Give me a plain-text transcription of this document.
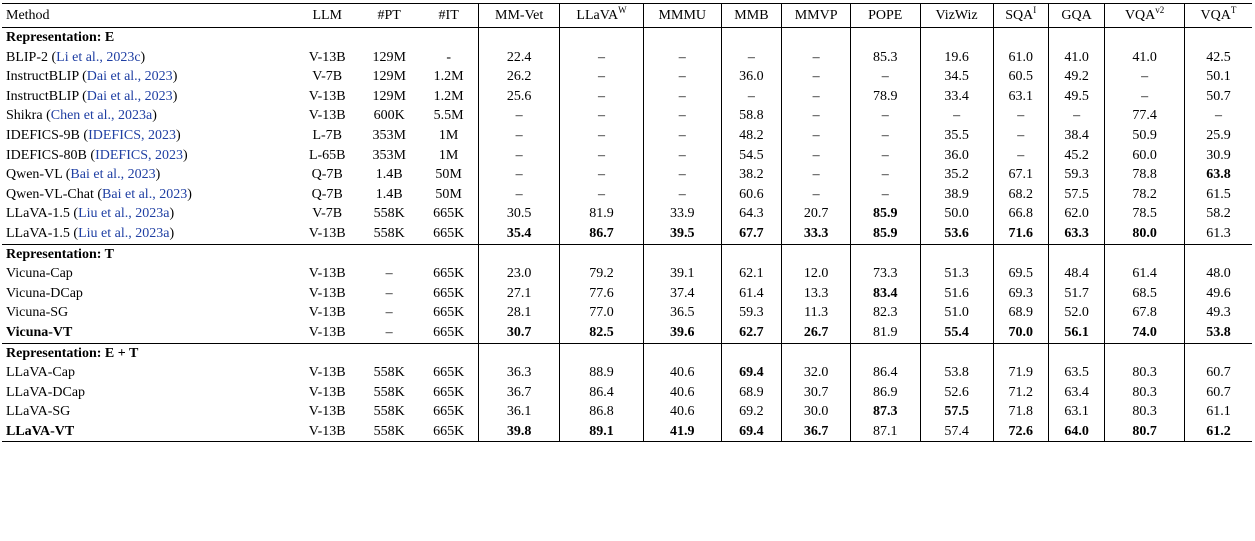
Method	LLM	#PT	#IT	MM-Vet	LLaVA$^W$	MMMU	MMB	MMVP	POPE	VizWiz	$SQA^I$	GQA	$VQA^{v2}$	$VQA^T$
Representation: E														
BLIP-2 (Li et al., 2023c)	V-13B	129M	-	22.4	–	–	–	–	85.3	19.6	61.0	41.0	41.0	42.5
InstructBLIP (Dai et al., 2023)	V-7B	129M	1.2M	26.2	–	–	36.0	–	–	34.5	60.5	49.2	–	50.1
InstructBLIP (Dai et al., 2023)	V-13B	129M	1.2M	25.6	–	–	–	–	78.9	33.4	63.1	49.5	–	50.7
Shikra (Chen et al., 2023a)	V-13B	600K	5.5M	–	–	–	58.8	–	–	–	–	–	77.4	–
IDEFICS-9B (IDEFICS, 2023)	L-7B	353M	1M	–	–	–	48.2	–	–	35.5	–	38.4	50.9	25.9
IDEFICS-80B (IDEFICS, 2023)	L-65B	353M	1M	–	–	–	54.5	–	–	36.0	–	45.2	60.0	30.9
Qwen-VL (Bai et al., 2023)	Q-7B	1.4B	50M	–	–	–	38.2	–	–	35.2	67.1	59.3	78.8	63.8
Qwen-VL-Chat (Bai et al., 2023)	Q-7B	1.4B	50M	–	–	–	60.6	–	–	38.9	68.2	57.5	78.2	61.5
LLaVA-1.5 (Liu et al., 2023a)	V-7B	558K	665K	30.5	81.9	33.9	64.3	20.7	85.9	50.0	66.8	62.0	78.5	58.2
LLaVA-1.5 (Liu et al., 2023a)	V-13B	558K	665K	35.4	86.7	39.5	67.7	33.3	85.9	53.6	71.6	63.3	80.0	61.3
Representation: T														
Vicuna-Cap	V-13B	–	665K	23.0	79.2	39.1	62.1	12.0	73.3	51.3	69.5	48.4	61.4	48.0
Vicuna-DCap	V-13B	–	665K	27.1	77.6	37.4	61.4	13.3	83.4	51.6	69.3	51.7	68.5	49.6
Vicuna-SG	V-13B	–	665K	28.1	77.0	36.5	59.3	11.3	82.3	51.0	68.9	52.0	67.8	49.3
Vicuna-VT	V-13B	–	665K	30.7	82.5	39.6	62.7	26.7	81.9	55.4	70.0	56.1	74.0	53.8
Representation: E + T														
LLaVA-Cap	V-13B	558K	665K	36.3	88.9	40.6	69.4	32.0	86.4	53.8	71.9	63.5	80.3	60.7
LLaVA-DCap	V-13B	558K	665K	36.7	86.4	40.6	68.9	30.7	86.9	52.6	71.2	63.4	80.3	60.7
LLaVA-SG	V-13B	558K	665K	36.1	86.8	40.6	69.2	30.0	87.3	57.5	71.8	63.1	80.3	61.1
LLaVA-VT	V-13B	558K	665K	39.8	89.1	41.9	69.4	36.7	87.1	57.4	72.6	64.0	80.7	61.2
